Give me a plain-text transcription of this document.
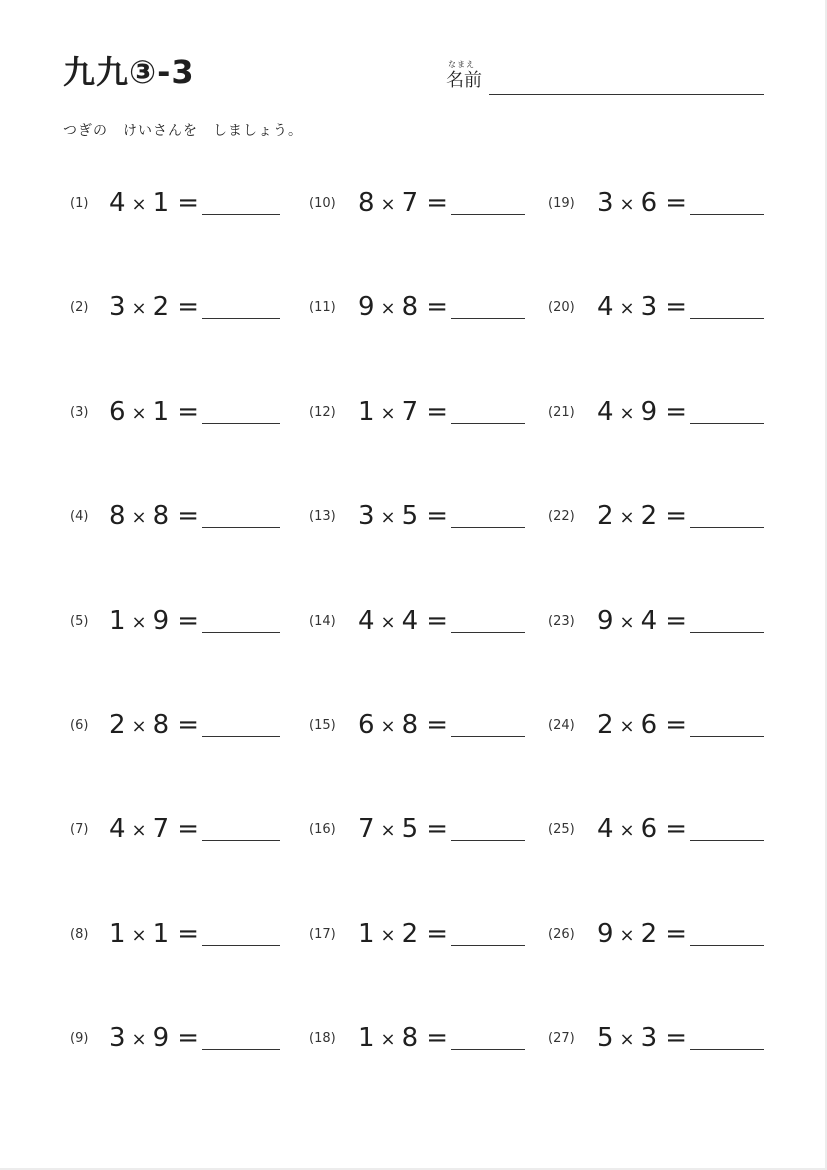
九九③-3	なまえ
名前
つぎの　けいさんを　しましょう。
(1) 4 × 1 =
(2) 3 × 2 =
(3) 6 × 1 =
(4) 8 × 8 =
(5) 1 × 9 =
(6) 2 × 8 =
(7) 4 × 7 =
(8) 1 × 1 =
(9) 3 × 9 =
(10) 8 × 7 =
(11) 9 × 8 =
(12) 1 × 7 =
(13) 3 × 5 =
(14) 4 × 4 =
(15) 6 × 8 =
(16) 7 × 5 =
(17) 1 × 2 =
(18) 1 × 8 =
(19) 3 × 6 =
(20) 4 × 3 =
(21) 4 × 9 =
(22) 2 × 2 =
(23) 9 × 4 =
(24) 2 × 6 =
(25) 4 × 6 =
(26) 9 × 2 =
(27) 5 × 3 =
